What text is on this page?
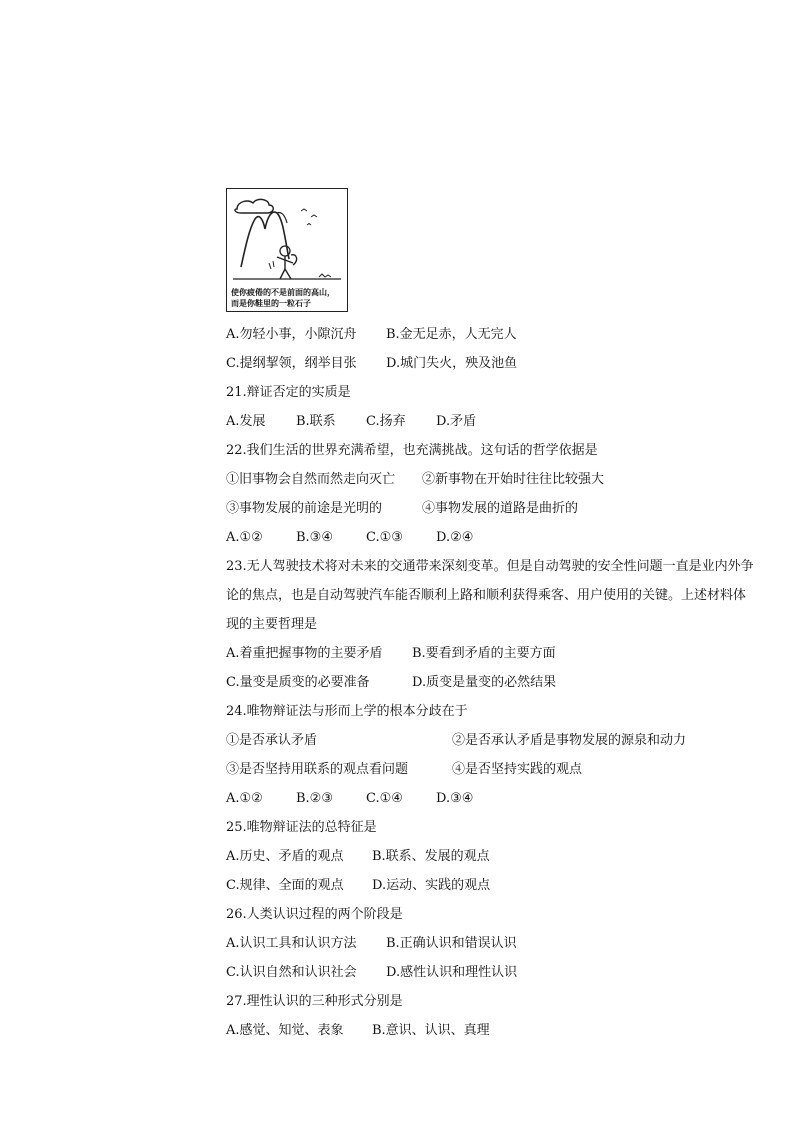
使你疲倦的不是前面的高山，
而是你鞋里的一粒石子
A.勿轻小事，小隙沉舟 B.金无足赤，人无完人
C.提纲挈领，纲举目张 D.城门失火，殃及池鱼
21.辩证否定的实质是
A.发展 B.联系 C.扬弃 D.矛盾
22.我们生活的世界充满希望，也充满挑战。这句话的哲学依据是
①旧事物会自然而然走向灭亡 ②新事物在开始时往往比较强大
③事物发展的前途是光明的	④事物发展的道路是曲折的
A.①②	B.③④	C.①③	D.②④
23.无人驾驶技术将对未来的交通带来深刻变革。但是自动驾驶的安全性问题一直是业内外争
论的焦点，也是自动驾驶汽车能否顺利上路和顺利获得乘客、用户使用的关键。上述材料体
现的主要哲理是
A.着重把握事物的主要矛盾 B.要看到矛盾的主要方面
C.量变是质变的必要准备	D.质变是量变的必然结果
24.唯物辩证法与形而上学的根本分歧在于
①是否承认矛盾	②是否承认矛盾是事物发展的源泉和动力
③是否坚持用联系的观点看问题	④是否坚持实践的观点
A.①②	B.②③	C.①④	D.③④
25.唯物辩证法的总特征是
A.历史、矛盾的观点 B.联系、发展的观点
C.规律、全面的观点 D.运动、实践的观点
26.人类认识过程的两个阶段是
A.认识工具和认识方法 B.正确认识和错误认识
C.认识自然和认识社会 D.感性认识和理性认识
27.理性认识的三种形式分别是
A.感觉、知觉、表象 B.意识、认识、真理
